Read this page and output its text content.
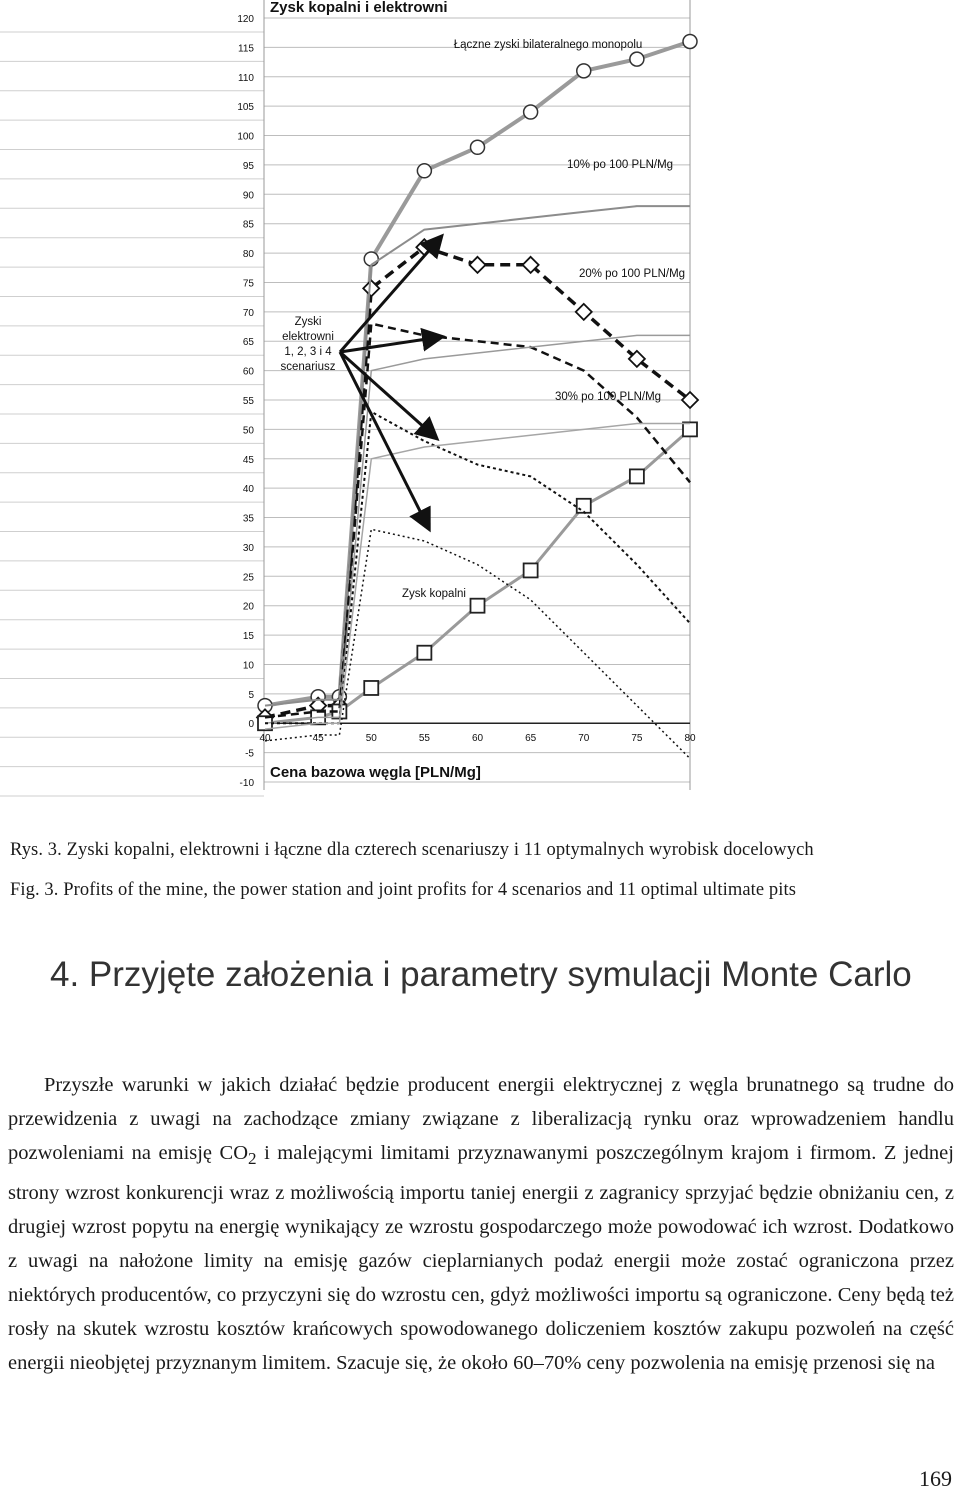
120
115
110
105
100
95
90
85
80
75
70
65
60
55
50
45
40
35
30
25
20
15
10
5
0
-5
-10
40	45	50	55	60	65	70	75	80
Zysk kopalni i elektrowni
Cena bazowa węgla [PLN/Mg]
Łączne zyski bilateralnego monopolu
10% po 100 PLN/Mg
20% po 100 PLN/Mg
30% po 100 PLN/Mg
Zysk kopalni
Zyski
elektrowni
1, 2, 3 i 4
scenariusz
Rys. 3. Zyski kopalni, elektrowni i łączne dla czterech scenariuszy i 11 optymalnych wyrobisk docelowych
Fig. 3. Profits of the mine, the power station and joint profits for 4 scenarios and 11 optimal ultimate pits
4. Przyjęte założenia i parametry symulacji Monte Carlo

Przyszłe warunki w jakich działać będzie producent energii elektrycznej z węgla brunatnego są trudne do przewidzenia z uwagi na zachodzące zmiany związane z liberalizacją rynku oraz wprowadzeniem handlu pozwoleniami na emisję $CO_2$ i malejącymi limitami przyznawanymi poszczególnym krajom i firmom. Z jednej strony wzrost konkurencji wraz z możliwością importu taniej energii z zagranicy sprzyjać będzie obniżaniu cen, z drugiej wzrost popytu na energię wynikający ze wzrostu gospodarczego może powodować ich wzrost. Dodatkowo z uwagi na nałożone limity na emisję gazów cieplarnianych podaż energii może zostać ograniczona przez niektórych producentów, co przyczyni się do wzrostu cen, gdyż możliwości importu są ograniczone. Ceny będą też rosły na skutek wzrostu kosztów krańcowych spowodowanego doliczeniem kosztów zakupu pozwoleń na część energii nieobjętej przyznanym limitem. Szacuje się, że około 60–70% ceny pozwolenia na emisję przenosi się na

169
